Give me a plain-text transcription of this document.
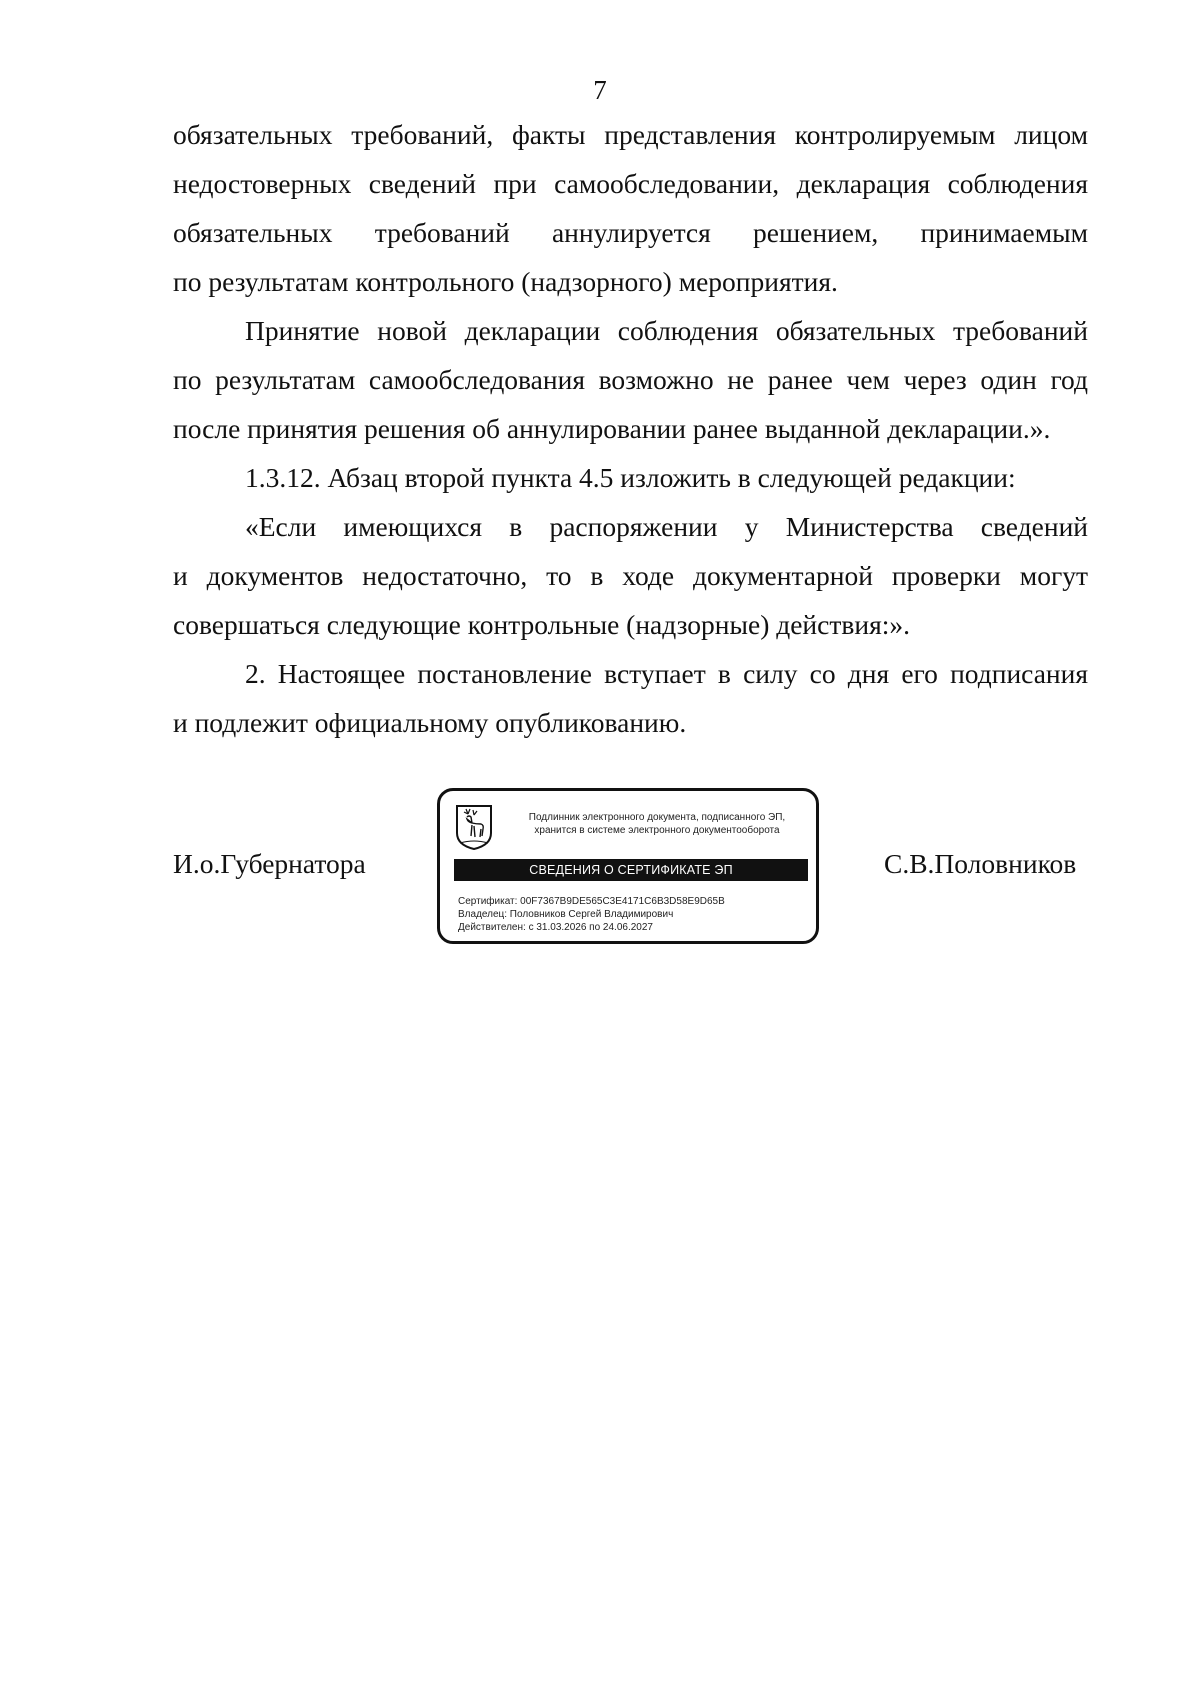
7

обязательных требований, факты представления контролируемым лицом
недостоверных сведений при самообследовании, декларация соблюдения
обязательных требований аннулируется решением, принимаемым
по результатам контрольного (надзорного) мероприятия.

Принятие новой декларации соблюдения обязательных требований
по результатам самообследования возможно не ранее чем через один год
после принятия решения об аннулировании ранее выданной декларации.».

1.3.12. Абзац второй пункта 4.5 изложить в следующей редакции:

«Если имеющихся в распоряжении у Министерства сведений
и документов недостаточно, то в ходе документарной проверки могут
совершаться следующие контрольные (надзорные) действия:».

2. Настоящее постановление вступает в силу со дня его подписания
и подлежит официальному опубликованию.

И.о.Губернатора
Подлинник электронного документа, подписанного ЭП,
хранится в системе электронного документооборота
СВЕДЕНИЯ О СЕРТИФИКАТЕ ЭП
Сертификат: 00F7367B9DE565C3E4171C6B3D58E9D65B
Владелец: Половников Сергей Владимирович
Действителен: с 31.03.2026 по 24.06.2027
С.В.Половников
